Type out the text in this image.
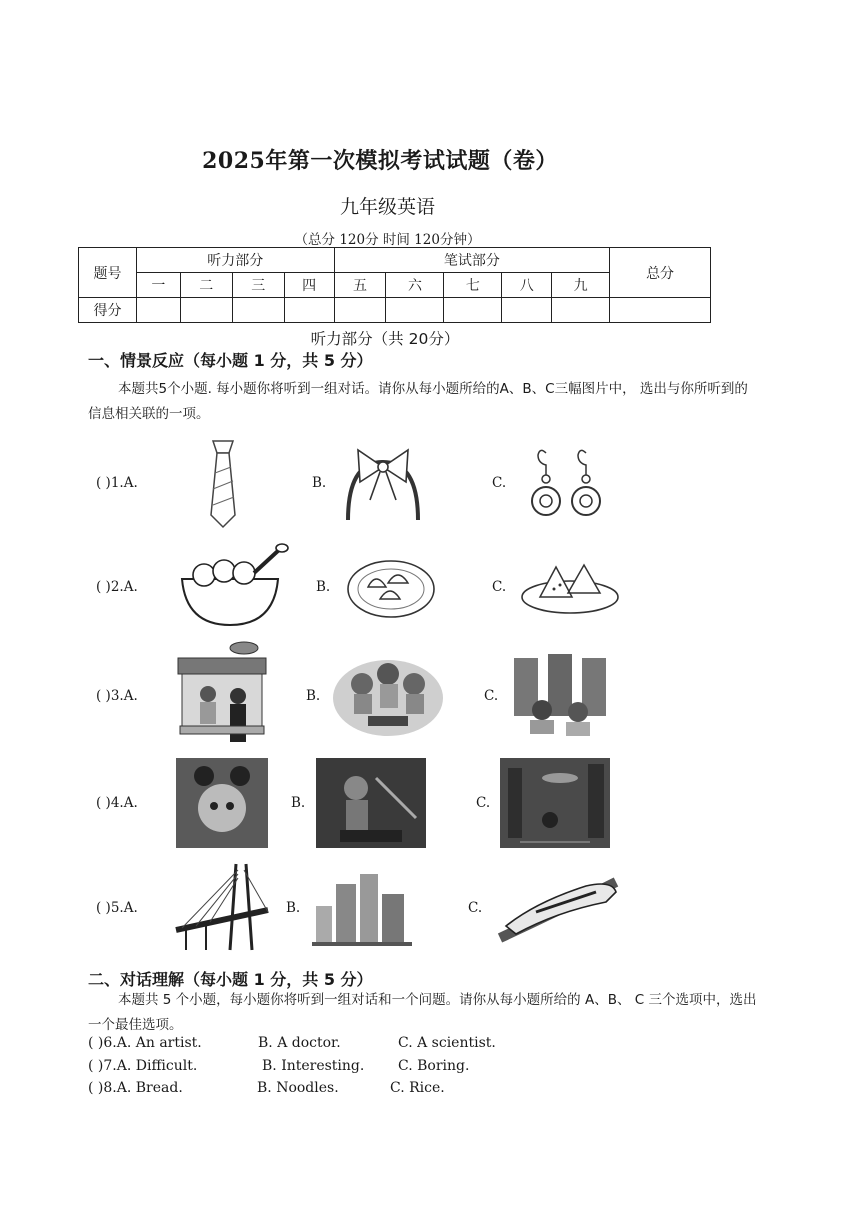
2025年第一次模拟考试试题（卷）
九年级英语
（总分 120分 时间 120分钟）
题号	听力部分				笔试部分					总分
	一	二	三	四	五	六	七	八	九	
得分										
听力部分（共 20分）
一、情景反应（每小题 1 分，共 5 分）
本题共5个小题. 每小题你将听到一组对话。请你从每小题所给的A、B、C三幅图片中， 选出与你所听到的信息相关联的一项。
( )1.A.	B.	C.
( )2.A.	B.	C.
( )3.A.	B.	C.
( )4.A.	B.	C.
( )5.A.	B.	C.
二、对话理解（每小题 1 分，共 5 分）
本题共 5 个小题，每小题你将听到一组对话和一个问题。请你从每小题所给的 A、B、 C 三个选项中，选出一个最佳选项。
( )6.A. An artist.	B. A doctor.	C. A scientist.
( )7.A. Difficult.	B. Interesting. C. Boring.
( )8.A. Bread.	B. Noodles.	C. Rice.
